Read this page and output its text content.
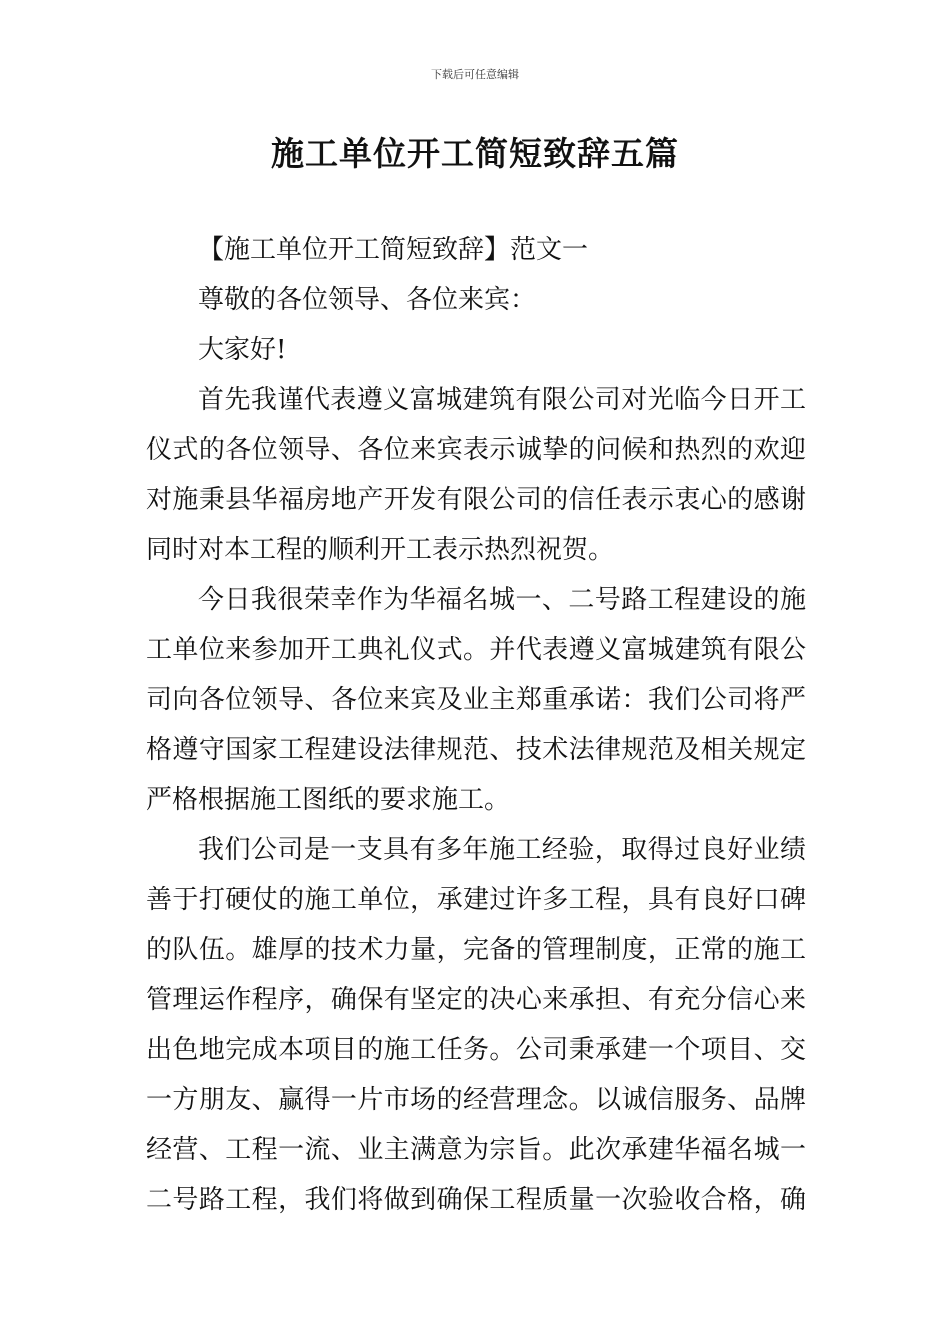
下载后可任意编辑
施工单位开工简短致辞五篇
【施工单位开工简短致辞】范文一
尊敬的各位领导、各位来宾：
大家好!
首先我谨代表遵义富城建筑有限公司对光临今日开工
仪式的各位领导、各位来宾表示诚挚的问候和热烈的欢迎
对施秉县华福房地产开发有限公司的信任表示衷心的感谢
同时对本工程的顺利开工表示热烈祝贺。
今日我很荣幸作为华福名城一、二号路工程建设的施
工单位来参加开工典礼仪式。并代表遵义富城建筑有限公
司向各位领导、各位来宾及业主郑重承诺：我们公司将严
格遵守国家工程建设法律规范、技术法律规范及相关规定
严格根据施工图纸的要求施工。
我们公司是一支具有多年施工经验，取得过良好业绩
善于打硬仗的施工单位，承建过许多工程，具有良好口碑
的队伍。雄厚的技术力量，完备的管理制度，正常的施工
管理运作程序，确保有坚定的决心来承担、有充分信心来
出色地完成本项目的施工任务。公司秉承建一个项目、交
一方朋友、赢得一片市场的经营理念。以诚信服务、品牌
经营、工程一流、业主满意为宗旨。此次承建华福名城一
二号路工程，我们将做到确保工程质量一次验收合格，确
